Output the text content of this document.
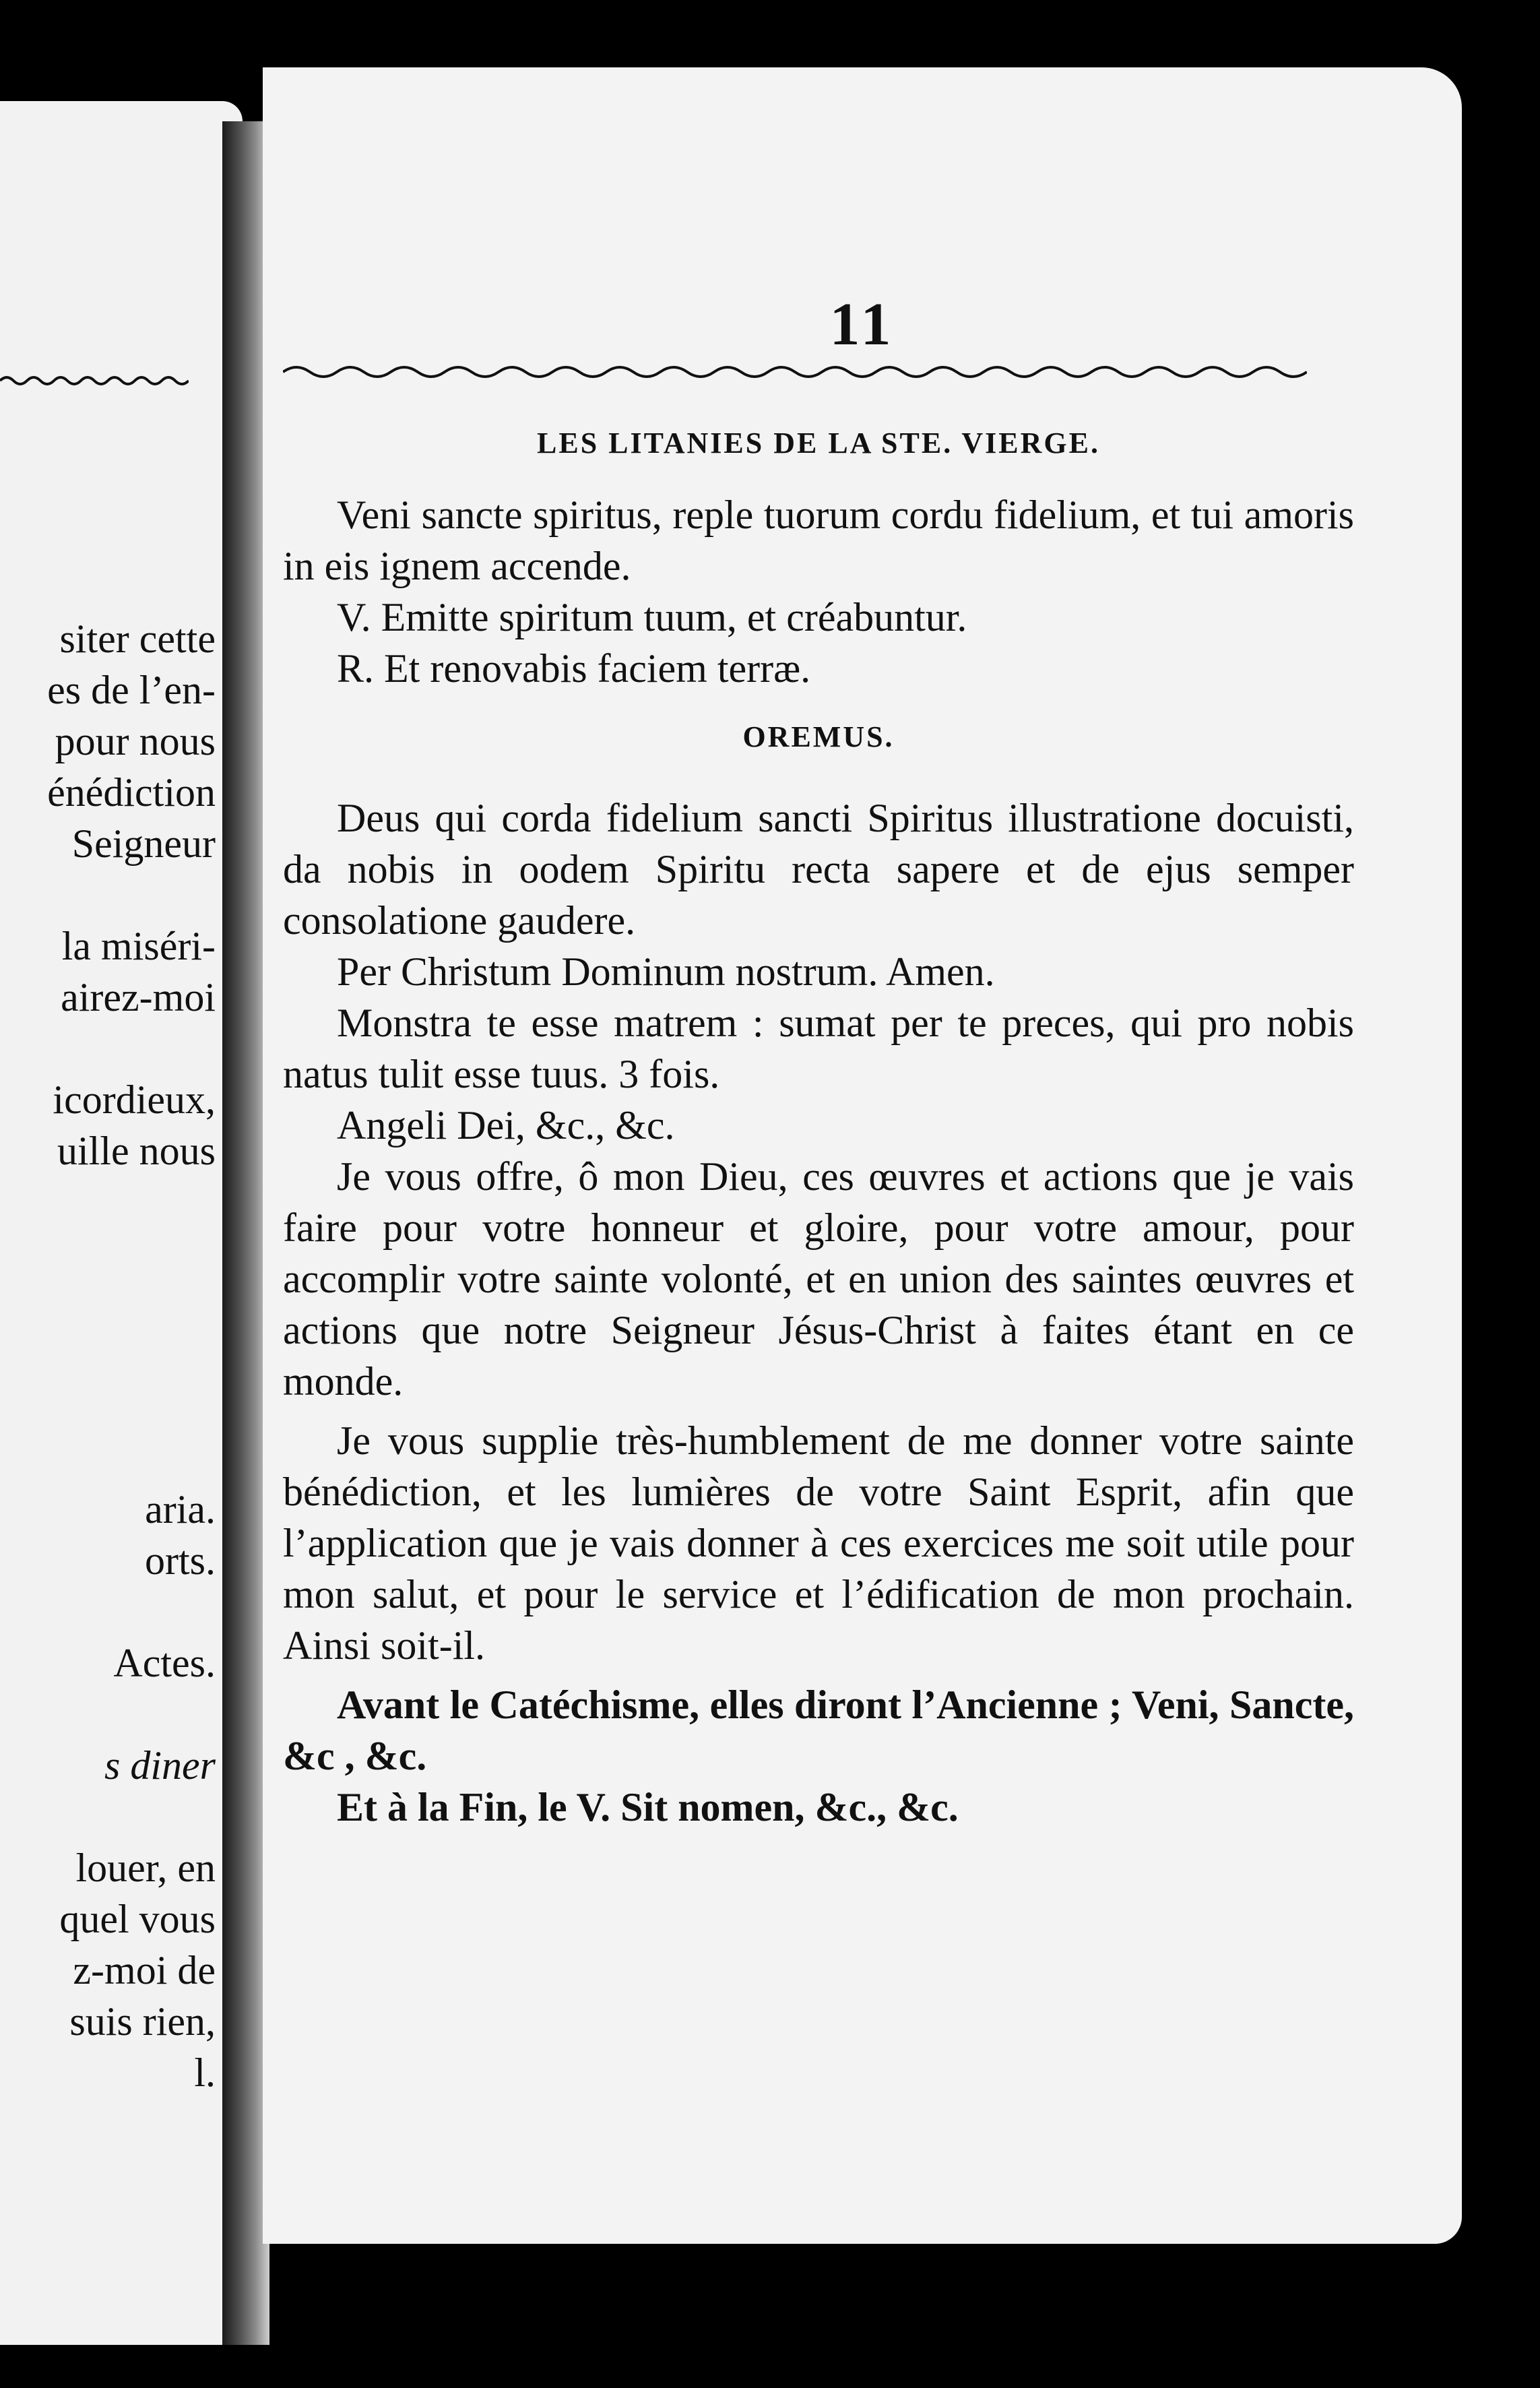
siter cette
es de l’en-
pour nous
énédiction
Seigneur

la miséri-
airez-moi

icordieux,
uille nous

aria.
orts.

Actes.

s diner

louer, en
quel vous
z-moi de
suis rien,
l.
11
LES LITANIES DE LA STE. VIERGE.

Veni sancte spiritus, reple tuorum cordu fidelium, et tui amoris in eis ignem accende.

V. Emitte spiritum tuum, et créabuntur.

R. Et renovabis faciem terræ.

OREMUS.

Deus qui corda fidelium sancti Spiritus illustratione docuisti, da nobis in oodem Spiritu recta sapere et de ejus semper consolatione gaudere.

Per Christum Dominum nostrum. Amen.

Monstra te esse matrem : sumat per te preces, qui pro nobis natus tulit esse tuus. 3 fois.

Angeli Dei, &c., &c.

Je vous offre, ô mon Dieu, ces œuvres et actions que je vais faire pour votre honneur et gloire, pour votre amour, pour accomplir votre sainte volonté, et en union des saintes œuvres et actions que notre Seigneur Jésus-Christ à faites étant en ce monde.

Je vous supplie très-humblement de me donner votre sainte bénédiction, et les lumières de votre Saint Esprit, afin que l’application que je vais donner à ces exercices me soit utile pour mon salut, et pour le service et l’édification de mon prochain. Ainsi soit-il.

Avant le Catéchisme, elles diront l’Ancienne ; Veni, Sancte, &c , &c.

Et à la Fin, le V. Sit nomen, &c., &c.
